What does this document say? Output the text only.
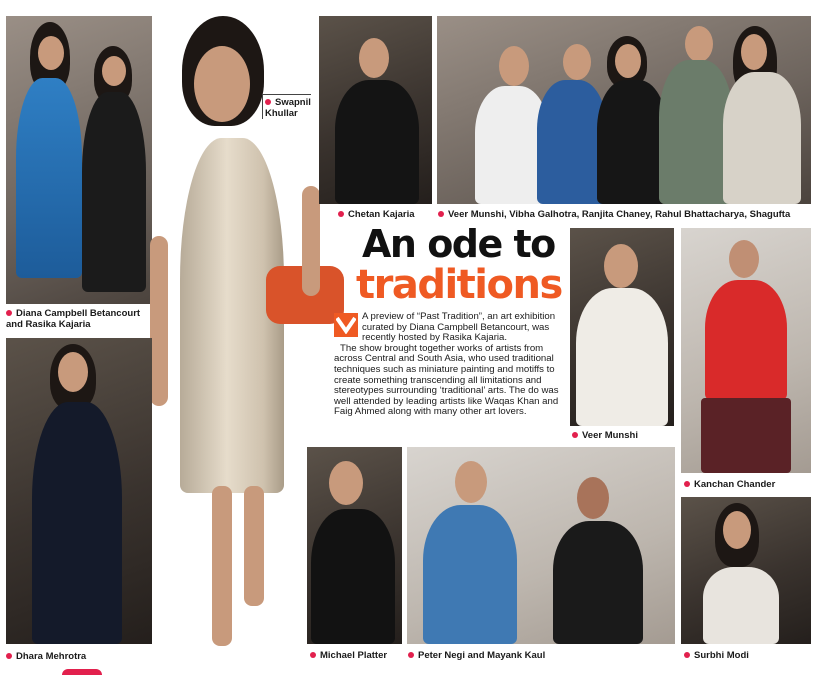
An ode to
traditions

A preview of “Past Tradition”, an art exhibition curated by Diana Campbell Betancourt, was recently hosted by Rasika Kajaria.

The show brought together works of artists from across Central and South Asia, who used traditional techniques such as miniature painting and motiffs to create something transcending all limitations and stereotypes surrounding ‘traditional’ arts. The do was well attended by leading artists like Waqas Khan and Faig Ahmed along with many other art lovers.

Diana Campbell Betancourt
and Rasika Kajaria
Swapnil
Khullar
Chetan Kajaria	Veer Munshi, Vibha Galhotra, Ranjita Chaney, Rahul Bhattacharya, Shagufta
Veer Munshi
Kanchan Chander
Dhara Mehrotra	Michael Platter	Peter Negi and Mayank Kaul	Surbhi Modi
